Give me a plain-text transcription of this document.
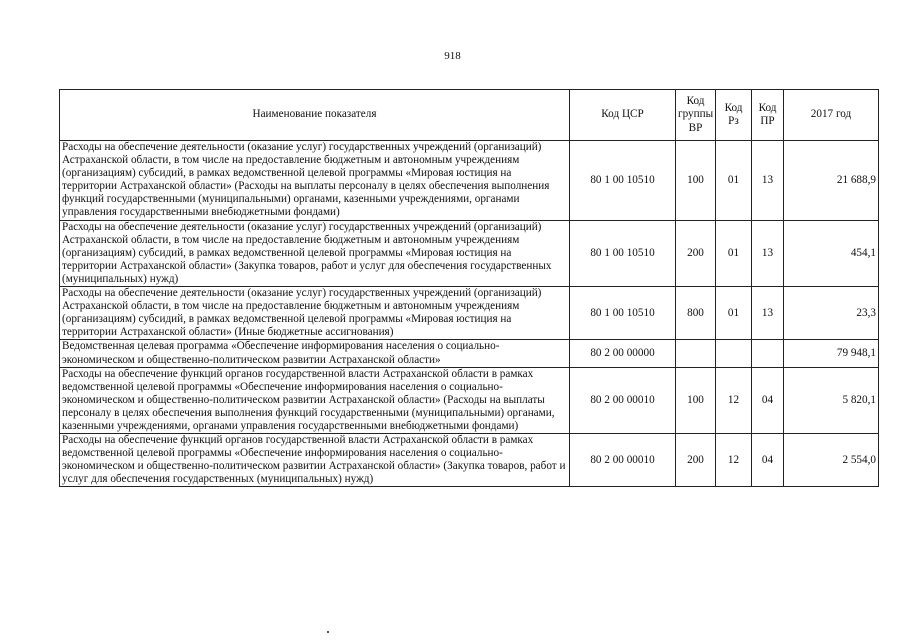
918
Наименование показателя	Код ЦСР	Код группы ВР	Код Рз	Код ПР	2017 год
Расходы на обеспечение деятельности (оказание услуг) государственных учреждений (организаций) Астраханской области, в том числе на предоставление бюджетным и автономным учреждениям (организациям) субсидий, в рамках ведомственной целевой программы «Мировая юстиция на территории Астраханской области» (Расходы на выплаты персоналу в целях обеспечения выполнения функций государственными (муниципальными) органами, казенными учреждениями, органами управления государственными внебюджетными фондами)	80 1 00 10510	100	01	13	21 688,9
Расходы на обеспечение деятельности (оказание услуг) государственных учреждений (организаций) Астраханской области, в том числе на предоставление бюджетным и автономным учреждениям (организациям) субсидий, в рамках ведомственной целевой программы «Мировая юстиция на территории Астраханской области» (Закупка товаров, работ и услуг для обеспечения государственных (муниципальных) нужд)	80 1 00 10510	200	01	13	454,1
Расходы на обеспечение деятельности (оказание услуг) государственных учреждений (организаций) Астраханской области, в том числе на предоставление бюджетным и автономным учреждениям (организациям) субсидий, в рамках ведомственной целевой программы «Мировая юстиция на территории Астраханской области» (Иные бюджетные ассигнования)	80 1 00 10510	800	01	13	23,3
Ведомственная целевая программа «Обеспечение информирования населения о социально-экономическом и общественно-политическом развитии Астраханской области»	80 2 00 00000				79 948,1
Расходы на обеспечение функций органов государственной власти Астраханской области в рамках ведомственной целевой программы «Обеспечение информирования населения о социально-экономическом и общественно-политическом развитии Астраханской области» (Расходы на выплаты персоналу в целях обеспечения выполнения функций государственными (муниципальными) органами, казенными учреждениями, органами управления государственными внебюджетными фондами)	80 2 00 00010	100	12	04	5 820,1
Расходы на обеспечение функций органов государственной власти Астраханской области в рамках ведомственной целевой программы «Обеспечение информирования населения о социально-экономическом и общественно-политическом развитии Астраханской области» (Закупка товаров, работ и услуг для обеспечения государственных (муниципальных) нужд)	80 2 00 00010	200	12	04	2 554,0
